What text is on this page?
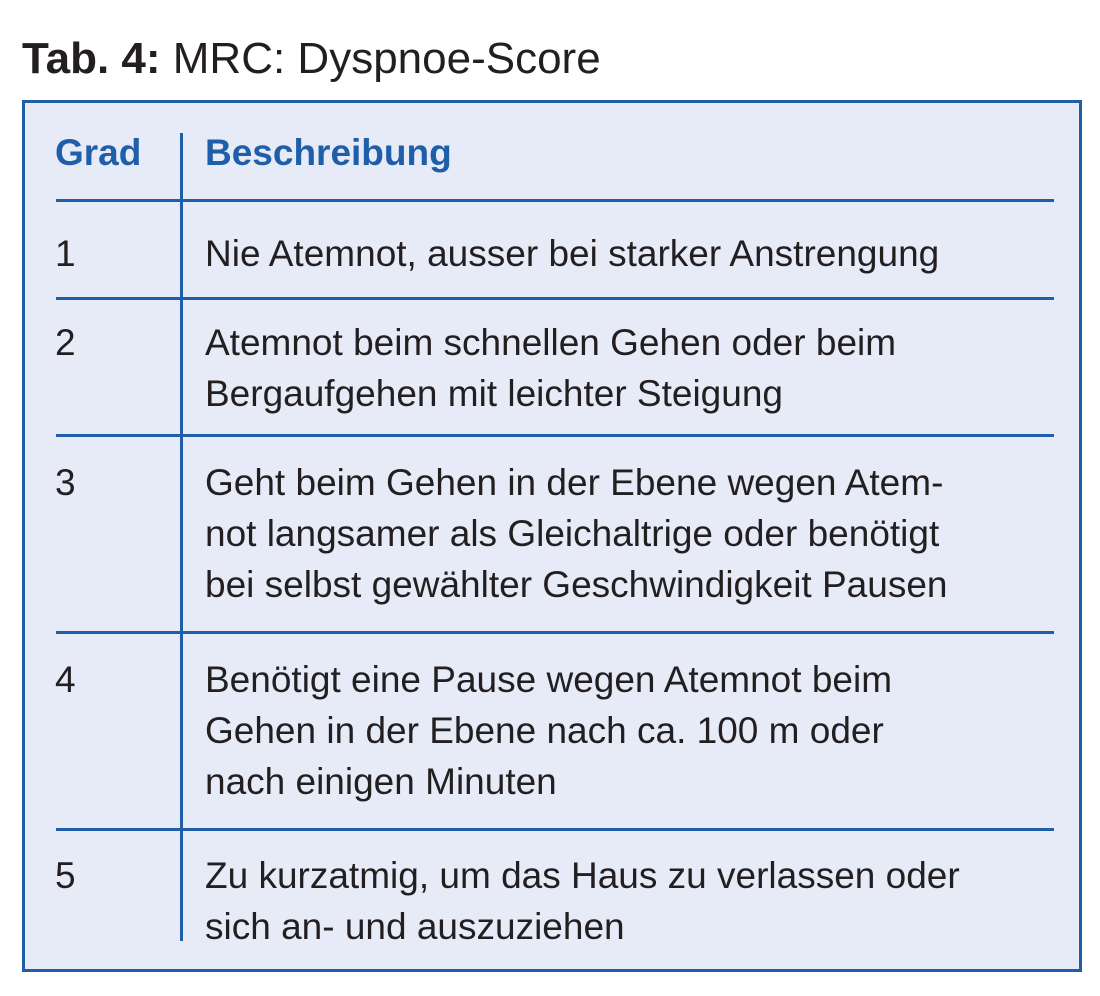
Tab. 4: MRC: Dyspnoe-Score
Grad Beschreibung
1	Nie Atemnot, ausser bei starker Anstrengung
2	Atemnot beim schnellen Gehen oder beim
Bergaufgehen mit leichter Steigung
3	Geht beim Gehen in der Ebene wegen Atem-
not langsamer als Gleichaltrige oder benötigt
bei selbst gewählter Geschwindigkeit Pausen
4	Benötigt eine Pause wegen Atemnot beim
Gehen in der Ebene nach ca. 100 m oder
nach einigen Minuten
5	Zu kurzatmig, um das Haus zu verlassen oder
sich an- und auszuziehen
